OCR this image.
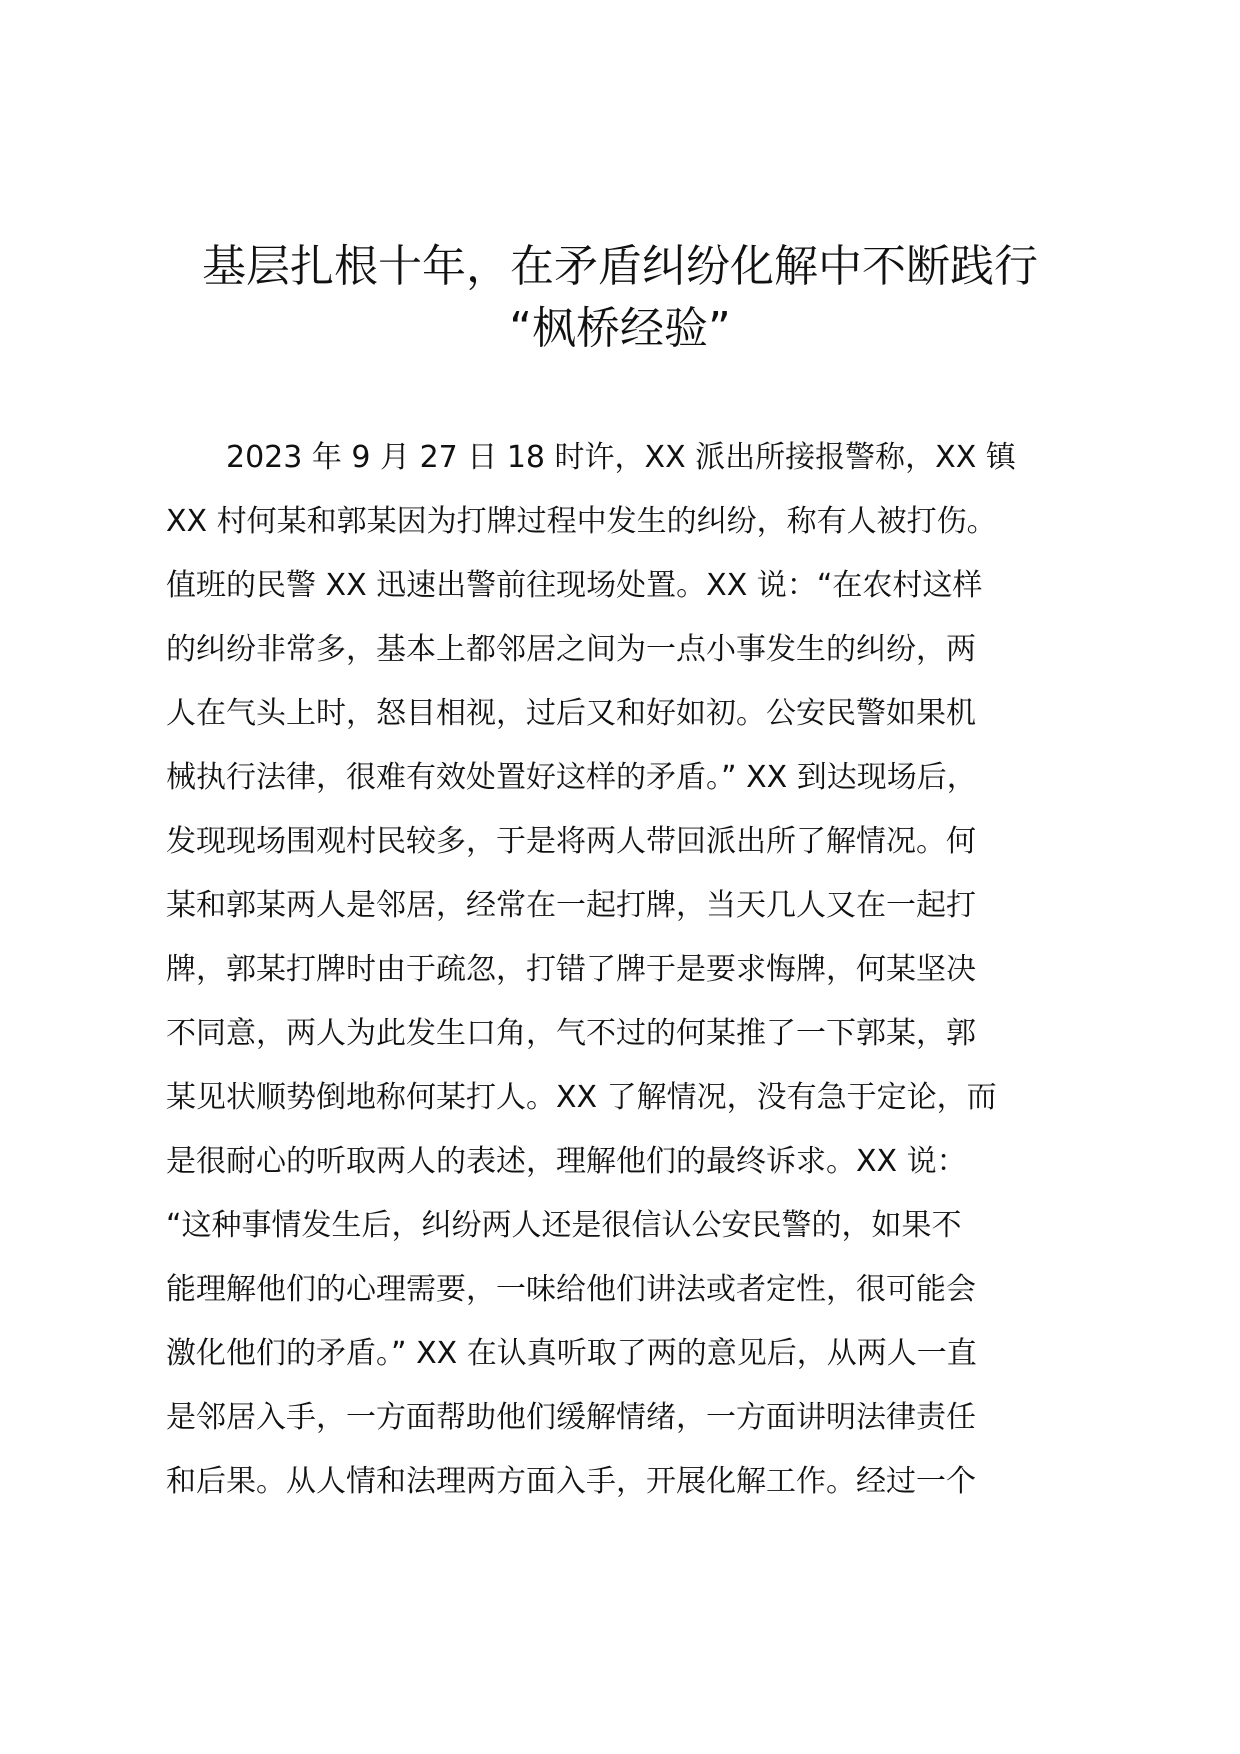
基层扎根十年，在矛盾纠纷化解中不断践行
“枫桥经验”
2023 年 9 月 27 日 18 时许，XX 派出所接报警称，XX 镇
XX 村何某和郭某因为打牌过程中发生的纠纷，称有人被打伤。
值班的民警 XX 迅速出警前往现场处置。XX 说：“在农村这样
的纠纷非常多，基本上都邻居之间为一点小事发生的纠纷，两
人在气头上时，怒目相视，过后又和好如初。公安民警如果机
械执行法律，很难有效处置好这样的矛盾。” XX 到达现场后，
发现现场围观村民较多，于是将两人带回派出所了解情况。何
某和郭某两人是邻居，经常在一起打牌，当天几人又在一起打
牌，郭某打牌时由于疏忽，打错了牌于是要求悔牌，何某坚决
不同意，两人为此发生口角，气不过的何某推了一下郭某，郭
某见状顺势倒地称何某打人。XX 了解情况，没有急于定论，而
是很耐心的听取两人的表述，理解他们的最终诉求。XX 说：
“这种事情发生后，纠纷两人还是很信认公安民警的，如果不
能理解他们的心理需要，一味给他们讲法或者定性，很可能会
激化他们的矛盾。” XX 在认真听取了两的意见后，从两人一直
是邻居入手，一方面帮助他们缓解情绪，一方面讲明法律责任
和后果。从人情和法理两方面入手，开展化解工作。经过一个
